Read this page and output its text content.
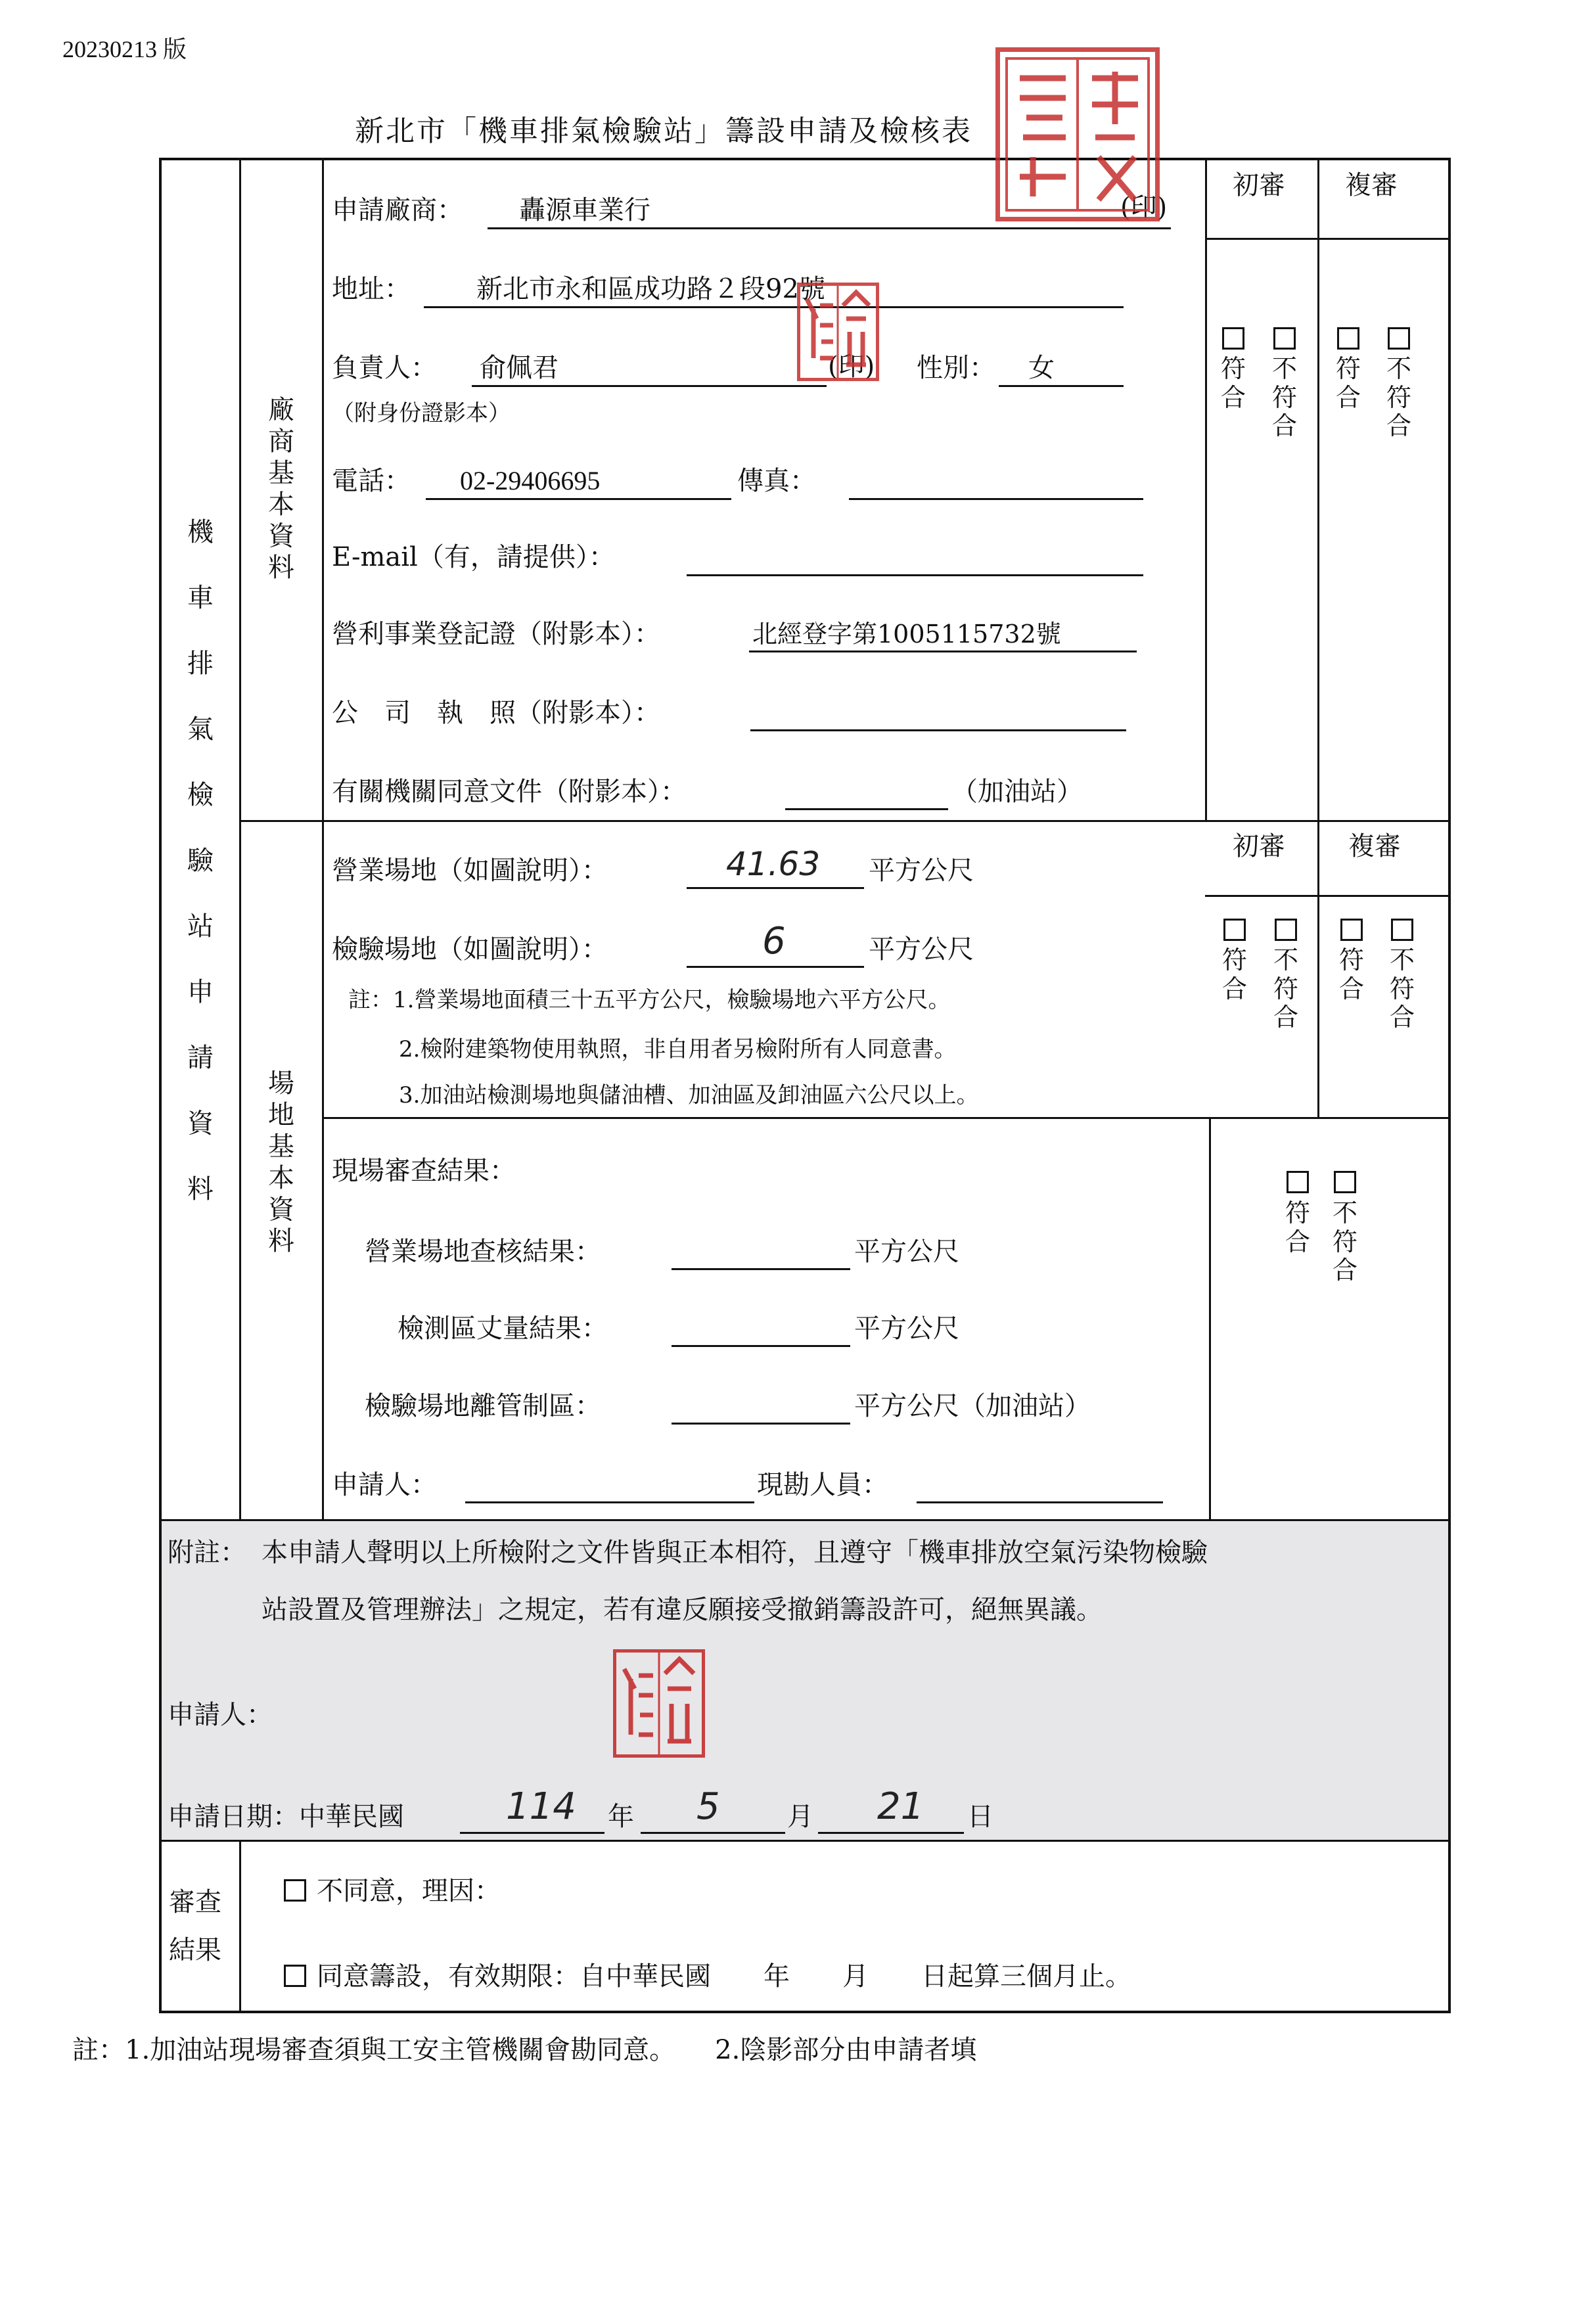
20230213 版
新北市「機車排氣檢驗站」籌設申請及檢核表
機車排氣檢驗站申請資料
廠商基本資料
場地基本資料
申請廠商： 轟源車業行	(印)
地址：	新北市永和區成功路２段92號
負責人： 俞佩君	(印) 性別： 女
（附身份證影本）
電話： 02-29406695	傳真：
E-mail（有，請提供）：
營利事業登記證（附影本）：	北經登字第1005115732號
公　司　執　照（附影本）：
有關機關同意文件（附影本）：	（加油站）
初審 複審
符合
不符合
符合
不符合
營業場地（如圖說明）：	41.63 平方公尺
檢驗場地（如圖說明）：	6	平方公尺
註：1.營業場地面積三十五平方公尺，檢驗場地六平方公尺。
2.檢附建築物使用執照，非自用者另檢附所有人同意書。
3.加油站檢測場地與儲油槽、加油區及卸油區六公尺以上。
初審 複審
符合
不符合
符合
不符合
現場審查結果：
營業場地查核結果：	平方公尺
檢測區丈量結果：	平方公尺
檢驗場地離管制區：	平方公尺（加油站）
申請人：	現勘人員：
符合
不符合
附註： 本申請人聲明以上所檢附之文件皆與正本相符，且遵守「機車排放空氣污染物檢驗
站設置及管理辦法」之規定，若有違反願接受撤銷籌設許可，絕無異議。
申請人：
申請日期：中華民國	114 年 5	月 21 日
審查
結果
不同意，理因：
同意籌設，有效期限：自中華民國　　年　　月　　日起算三個月止。
註：1.加油站現場審查須與工安主管機關會勘同意。　　2.陰影部分由申請者填
